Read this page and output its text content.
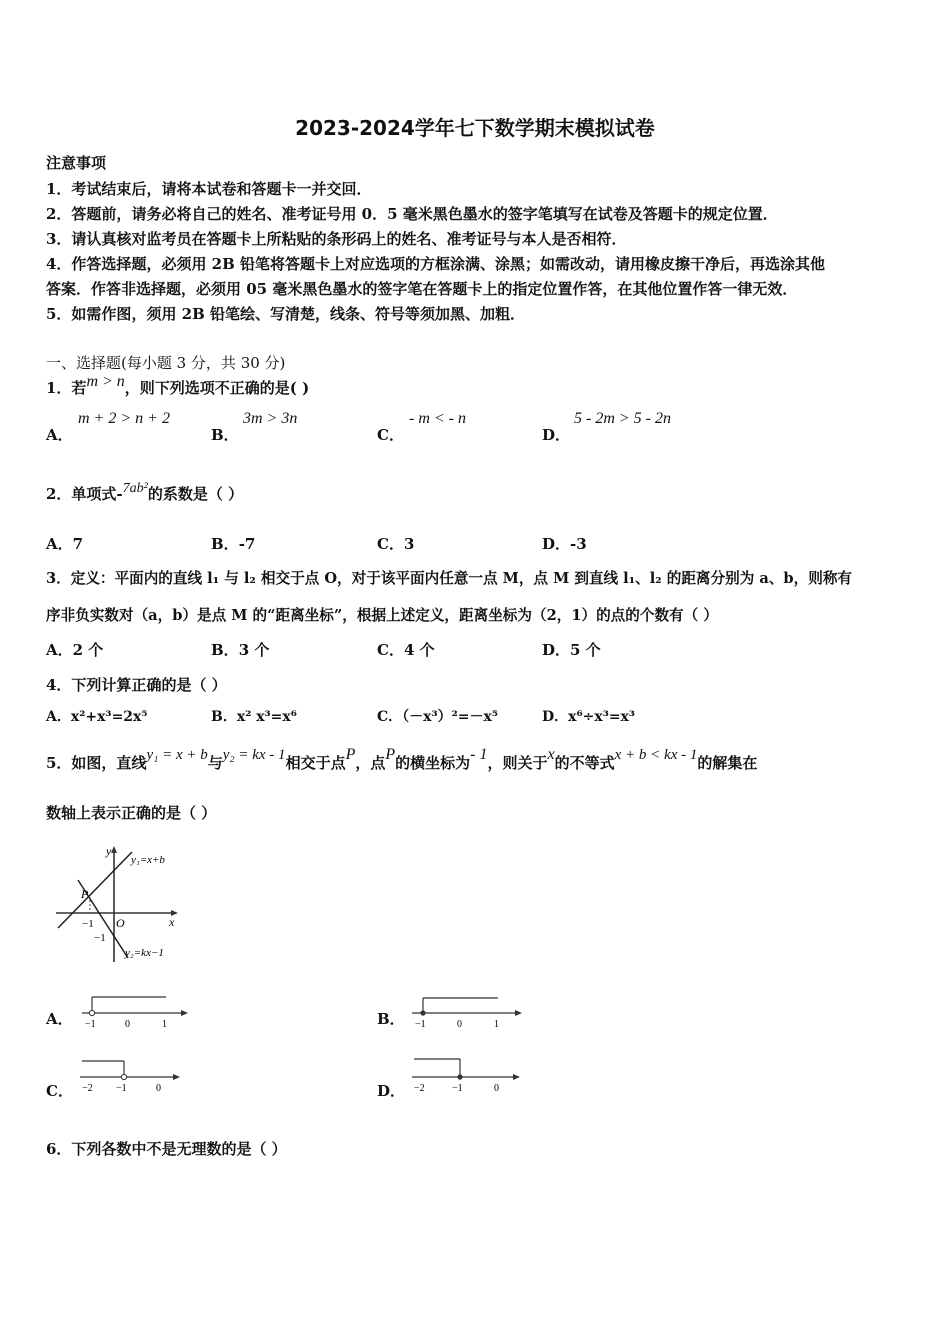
2023-2024学年七下数学期末模拟试卷
注意事项
1．考试结束后，请将本试卷和答题卡一并交回．
2．答题前，请务必将自己的姓名、准考证号用 0．5 毫米黑色墨水的签字笔填写在试卷及答题卡的规定位置．
3．请认真核对监考员在答题卡上所粘贴的条形码上的姓名、准考证号与本人是否相符．
4．作答选择题，必须用 2B 铅笔将答题卡上对应选项的方框涂满、涂黑；如需改动，请用橡皮擦干净后，再选涂其他
答案．作答非选择题，必须用 05 毫米黑色墨水的签字笔在答题卡上的指定位置作答，在其他位置作答一律无效．
5．如需作图，须用 2B 铅笔绘、写清楚，线条、符号等须加黑、加粗．
一、选择题(每小题 3 分，共 30 分)
1．若m > n，则下列选项不正确的是( )
A．
m + 2 > n + 2
B．
3m > 3n
C．
- m < - n
D．
5 - 2m > 5 - 2n
2．单项式-7ab²的系数是（ ）
A．7	B．-7	C．3	D．-3
3．定义：平面内的直线 l₁ 与 l₂ 相交于点 O，对于该平面内任意一点 M，点 M 到直线 l₁、l₂ 的距离分别为 a、b，则称有
序非负实数对（a，b）是点 M 的“距离坐标”，根据上述定义，距离坐标为（2，1）的点的个数有（ ）
A．2 个	B．3 个	C．4 个	D．5 个
4．下列计算正确的是（ ）
A．x²+x³=2x⁵	B．x² x³=x⁶	C．（－x³）²=－x⁵	D．x⁶÷x³=x³
5．如图，直线y₁ = x + b与y₂ = kx - 1相交于点P，点P的横坐标为- 1，则关于x的不等式x + b < kx - 1的解集在
数轴上表示正确的是（ ）
y
x
y₁=x+b
y₂=kx−1
P
O
−1
−1
A． −1	0	1	B． −1	0	1
C． −2 −1	0	D． −2	−1	0
6．下列各数中不是无理数的是（ ）
